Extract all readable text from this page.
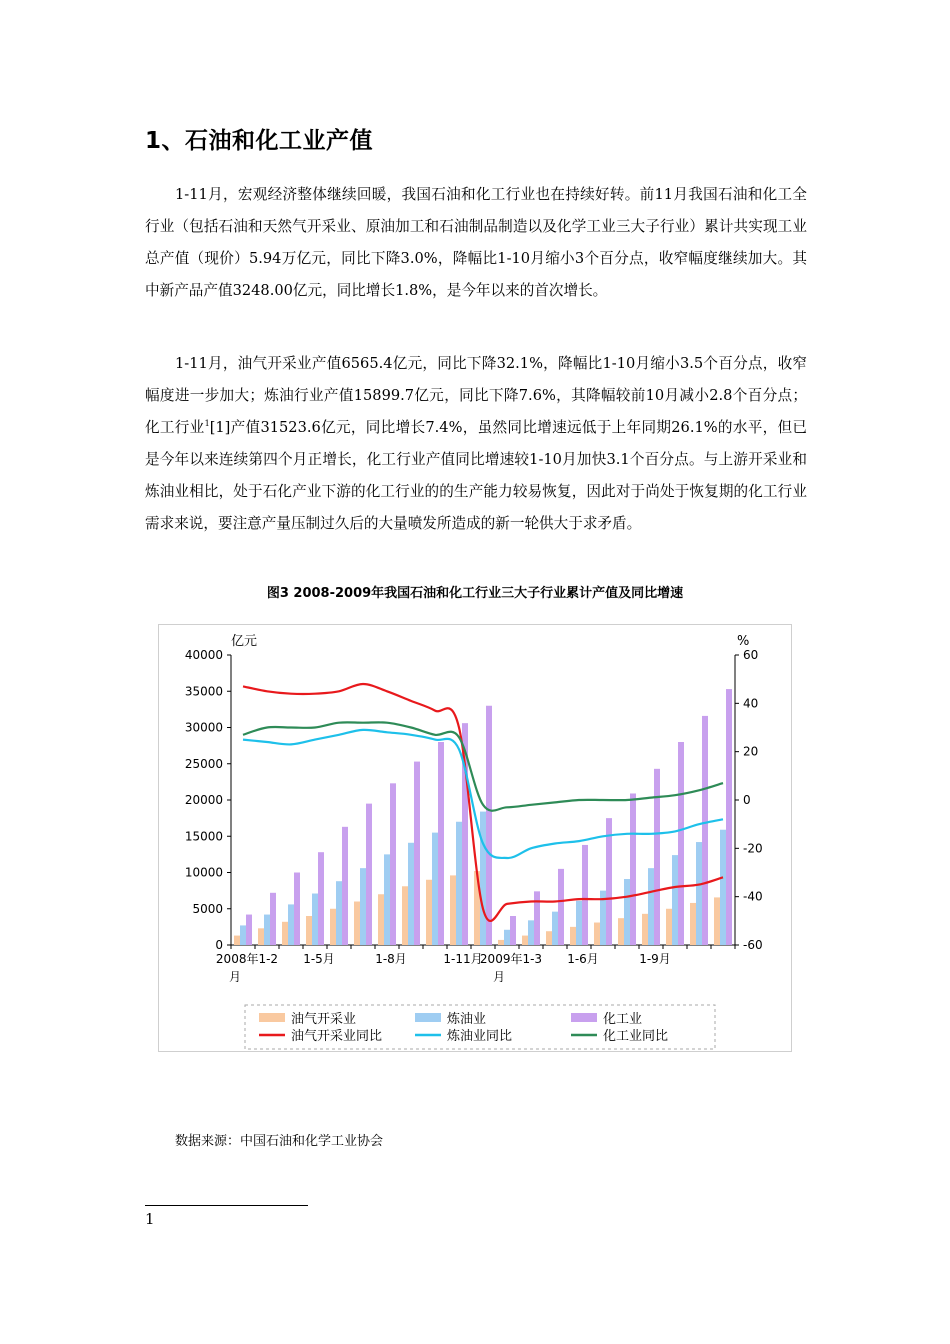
1、石油和化工业产值

1-11月，宏观经济整体继续回暖，我国石油和化工行业也在持续好转。前11月我国石油和化工全行业（包括石油和天然气开采业、原油加工和石油制品制造以及化学工业三大子行业）累计共实现工业总产值（现价）5.94万亿元，同比下降3.0%，降幅比1-10月缩小3个百分点，收窄幅度继续加大。其中新产品产值3248.00亿元，同比增长1.8%，是今年以来的首次增长。

1-11月，油气开采业产值6565.4亿元，同比下降32.1%，降幅比1-10月缩小3.5个百分点，收窄幅度进一步加大；炼油行业产值15899.7亿元，同比下降7.6%，其降幅较前10月减小2.8个百分点；化工行业$^1$[1]产值31523.6亿元，同比增长7.4%，虽然同比增速远低于上年同期26.1%的水平，但已是今年以来连续第四个月正增长，化工行业产值同比增速较1-10月加快3.1个百分点。与上游开采业和炼油业相比，处于石化产业下游的化工行业的的生产能力较易恢复，因此对于尚处于恢复期的化工行业需求来说，要注意产量压制过久后的大量喷发所造成的新一轮供大于求矛盾。

图3 2008-2009年我国石油和化工行业三大子行业累计产值及同比增速
亿元	%
0
5000
10000
15000
20000
25000
30000
35000
40000
-60
-40
-20
0
20
40
60
2008年1-2
月
1-5月	1-8月	1-11月
2009年1-3
月
1-6月	1-9月
油气开采业	炼油业	化工业
油气开采业同比	炼油业同比	化工业同比
数据来源：中国石油和化学工业协会
1
